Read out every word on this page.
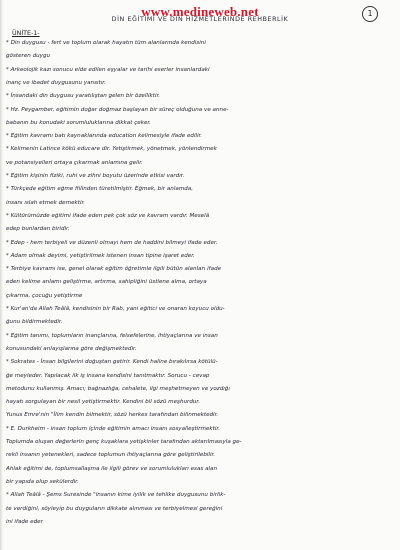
www.medineweb.net
DİN EĞİTİMİ VE DİN HİZMETLERİNDE REHBERLİK
1
ÜNİTE-1-
* Din duygusu - fert ve toplum olarak hayatın tüm alanlarında kendisini
gösteren duygu
* Arkeolojik kazı sonucu elde edilen eşyalar ve tarihi eserler insanlardaki
inanç ve ibadet duygusunu yansıtır.
* İnsandaki din duygusu yaratılıştan gelen bir özelliktir.
* Hz. Peygamber, eğitimin doğar doğmaz başlayan bir süreç olduğuna ve anne-
babanın bu konudaki sorumluluklarına dikkat çeker.
* Eğitim kavramı batı kaynaklarında education kelimesiyle ifade edilir.
* Kelimenin Latince kökü educare dir. Yetiştirmek, yönetmek, yönlendirmek
ve potansiyelleri ortaya çıkarmak anlamına gelir.
* Eğitim kişinin fiziki, ruhi ve zihni boyutu üzerinde etkisi vardır.
* Türkçede eğitim eğme fiilinden türetilmiştir. Eğmek, bir anlamda,
insanı ıslah etmek demektir.
* Kültürümüzde eğitimi ifade eden pek çok söz ve kavram vardır. Meselâ
edep bunlardan biridir.
* Edep - hem terbiyeli ve düzenli olmayı hem de haddini bilmeyi ifade eder.
* Adam olmak deyimi, yetiştirilmek istenen insan tipine işaret eder.
* Terbiye kavramı ise, genel olarak eğitim öğretimle ilgili bütün alanları ifade
eden kelime anlamı geliştirme, artırma, sahipliğini üstlene alma, ortaya
çıkarma, çocuğu yetiştirme
* Kur'an'da Allah Teâlâ, kendisinin bir Rab, yani eğitici ve onaran koyucu oldu-
ğunu bildirmektedir.
* Eğitim tanımı, toplumların inançlarına, felsefelerine, ihtiyaçlarına ve insan
konusundaki anlayışlarına göre değişmektedir.
* Sokrates - İnsan bilgilerini doğuştan getirir. Kendi haline bırakılırsa kötülü-
ğe meyleder. Yapılacak ilk iş insana kendisini tanıtmaktır. Sorucu - cevap
metodunu kullanmış. Amacı; bağnazlığa, cehalete, ilgi meşhetmeyen ve yozdığı
hayatı sorgulayan bir nesil yetiştirmektir. Kendini bil sözü meşhurdur.
Yunus Emre'nin "İlim kendin bilmektir, sözü herkes tarafından bilinmektedir.
* E. Durkheim - insan toplum içinde eğitimin amacı insanı sosyalleştirmektir.
Toplumda oluşan değerlerin genç kuşaklara yetişkinler tarafından aktarılmasıyla ge-
rekli insanın yetenekleri, sadece toplumun ihtiyaçlarına göre geliştirilebilir.
Ahlak eğitimi de, toplumsallaşma ile ilgili görev ve sorumlulukları esas alan
bir yapıda olup sekülerdir.
* Allah Teâlâ - Şems Suresinde "insanın kime iyilik ve tehlike duygusunu birlik-
te verdiğini, söyleyip bu duyguların dikkate alınması ve terbiyelmesi gereğini
ini ifade eder
